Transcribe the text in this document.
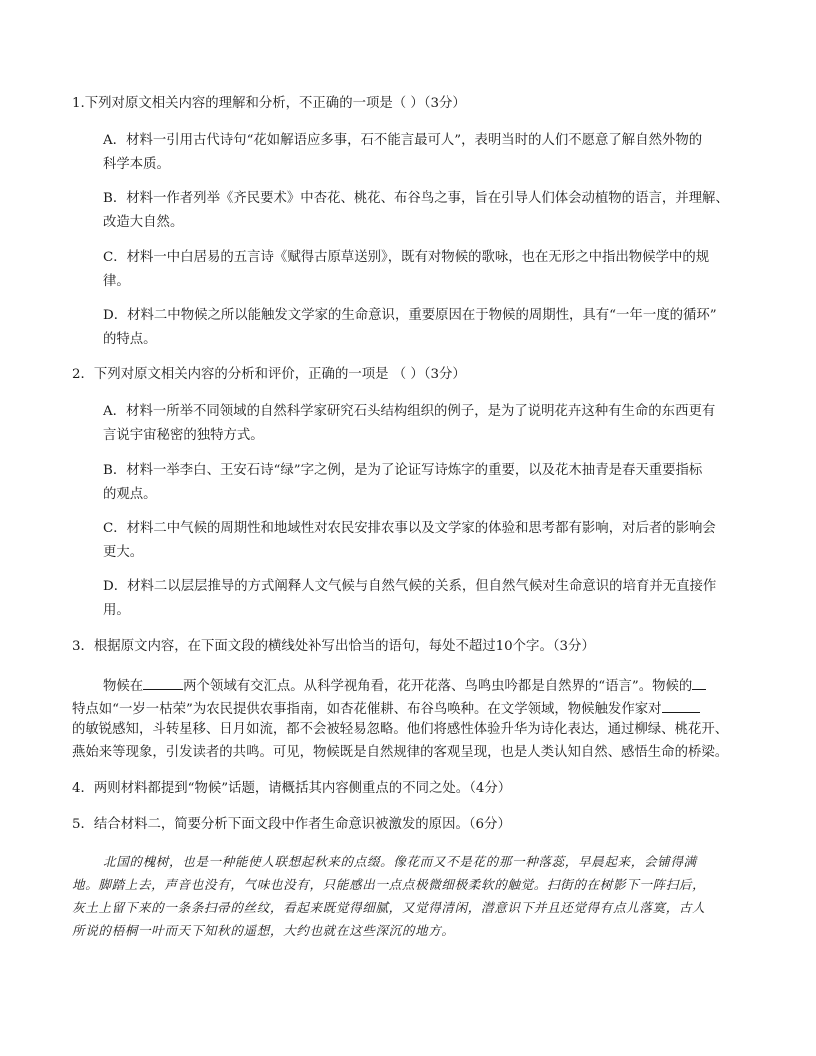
1.下列对原文相关内容的理解和分析，不正确的一项是（ ）（3分）
A．材料一引用古代诗句“花如解语应多事，石不能言最可人”，表明当时的人们不愿意了解自然外物的
科学本质。
B．材料一作者列举《齐民要术》中杏花、桃花、布谷鸟之事，旨在引导人们体会动植物的语言，并理解、
改造大自然。
C．材料一中白居易的五言诗《赋得古原草送别》，既有对物候的歌咏，也在无形之中指出物候学中的规
律。
D．材料二中物候之所以能触发文学家的生命意识，重要原因在于物候的周期性，具有“一年一度的循环”
的特点。
2．下列对原文相关内容的分析和评价，正确的一项是 （ ）（3分）
A．材料一所举不同领域的自然科学家研究石头结构组织的例子，是为了说明花卉这种有生命的东西更有
言说宇宙秘密的独特方式。
B．材料一举李白、王安石诗“绿”字之例，是为了论证写诗炼字的重要，以及花木抽青是春天重要指标
的观点。
C．材料二中气候的周期性和地域性对农民安排农事以及文学家的体验和思考都有影响，对后者的影响会
更大。
D．材料二以层层推导的方式阐释人文气候与自然气候的关系，但自然气候对生命意识的培育并无直接作
用。
3．根据原文内容，在下面文段的横线处补写出恰当的语句，每处不超过10个字。（3分）
物候在	两个领域有交汇点。从科学视角看，花开花落、鸟鸣虫吟都是自然界的“语言”。物候的
特点如“一岁一枯荣”为农民提供农事指南，如杏花催耕、布谷鸟唤种。在文学领域，物候触发作家对
的敏锐感知，斗转星移、日月如流，都不会被轻易忽略。他们将感性体验升华为诗化表达，通过柳绿、桃花开、
燕始来等现象，引发读者的共鸣。可见，物候既是自然规律的客观呈现，也是人类认知自然、感悟生命的桥梁。
4．两则材料都提到“物候”话题，请概括其内容侧重点的不同之处。（4分）
5．结合材料二，简要分析下面文段中作者生命意识被激发的原因。（6分）
北国的槐树，也是一种能使人联想起秋来的点缀。像花而又不是花的那一种落蕊，早晨起来，会铺得满
地。脚踏上去，声音也没有，气味也没有，只能感出一点点极微细极柔软的触觉。扫街的在树影下一阵扫后，
灰土上留下来的一条条扫帚的丝纹，看起来既觉得细腻，又觉得清闲，潜意识下并且还觉得有点儿落寞，古人
所说的梧桐一叶而天下知秋的遥想，大约也就在这些深沉的地方。
